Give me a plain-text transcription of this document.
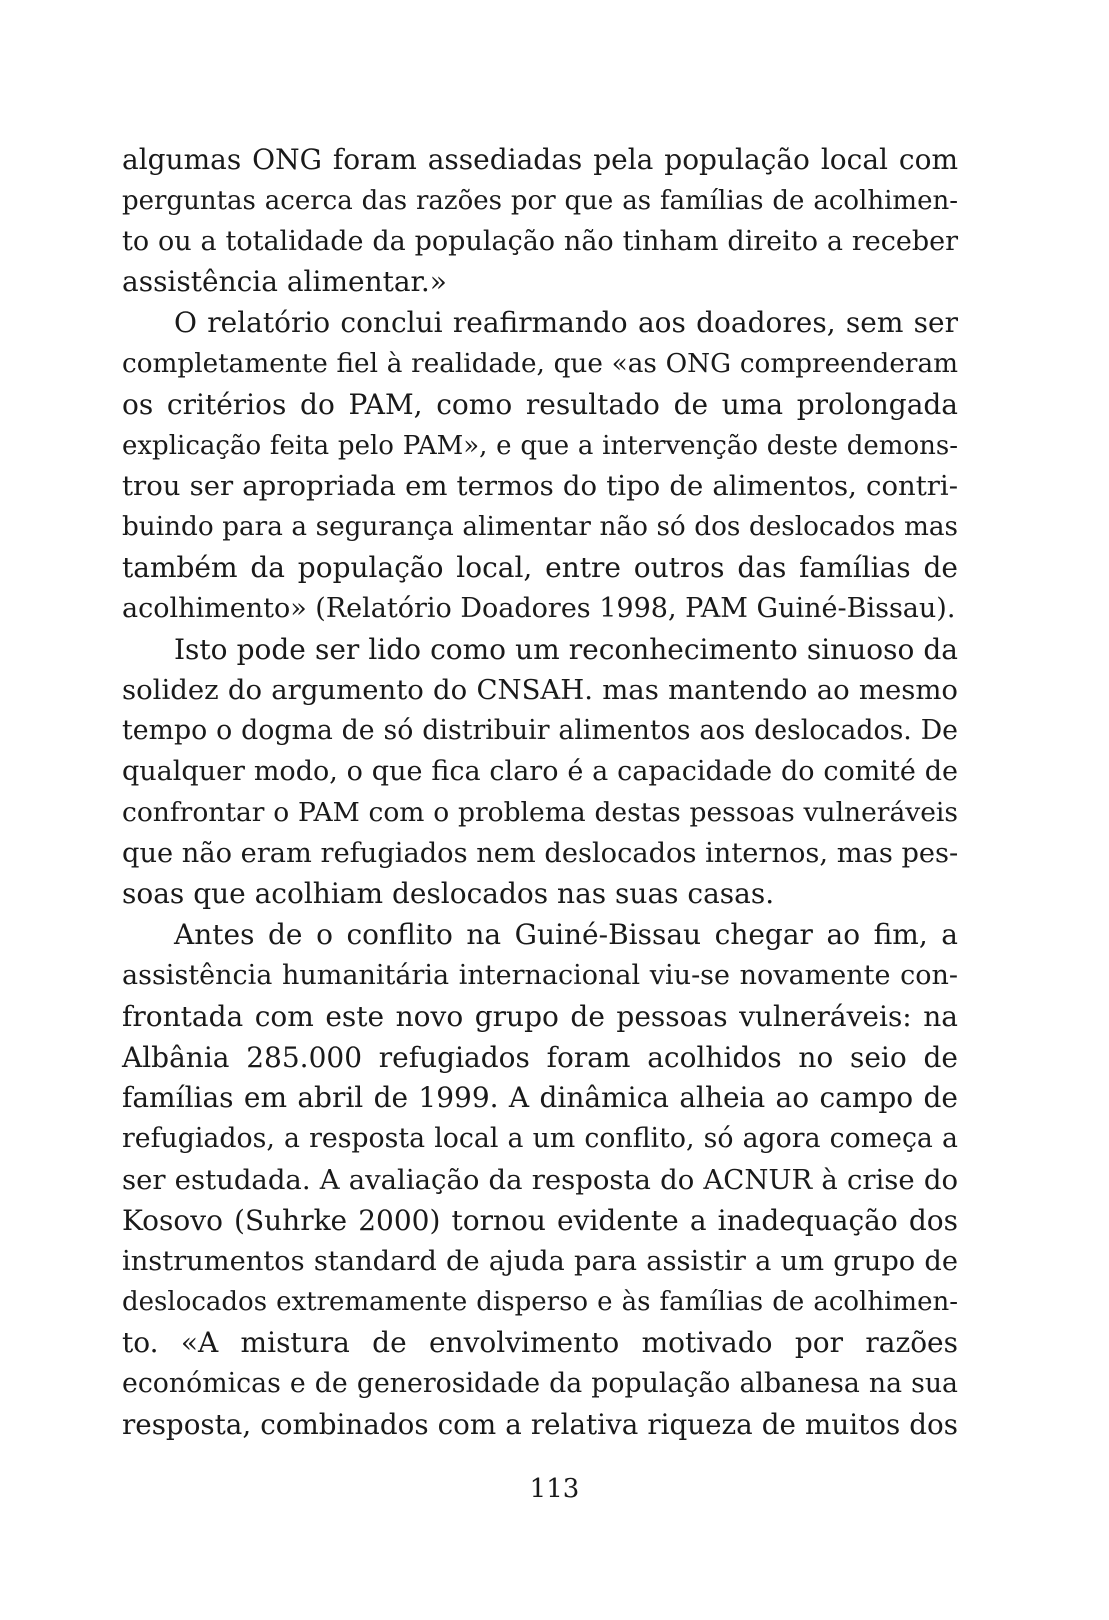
algumas ONG foram assediadas pela população local com
perguntas acerca das razões por que as famílias de acolhimen-
to ou a totalidade da população não tinham direito a receber
assistência alimentar.»
O relatório conclui reafirmando aos doadores, sem ser
completamente fiel à realidade, que «as ONG compreenderam
os critérios do PAM, como resultado de uma prolongada
explicação feita pelo PAM», e que a intervenção deste demons-
trou ser apropriada em termos do tipo de alimentos, contri-
buindo para a segurança alimentar não só dos deslocados mas
também da população local, entre outros das famílias de
acolhimento» (Relatório Doadores 1998, PAM Guiné-Bissau).
Isto pode ser lido como um reconhecimento sinuoso da
solidez do argumento do CNSAH. mas mantendo ao mesmo
tempo o dogma de só distribuir alimentos aos deslocados. De
qualquer modo, o que fica claro é a capacidade do comité de
confrontar o PAM com o problema destas pessoas vulneráveis
que não eram refugiados nem deslocados internos, mas pes-
soas que acolhiam deslocados nas suas casas.
Antes de o conflito na Guiné-Bissau chegar ao fim, a
assistência humanitária internacional viu-se novamente con-
frontada com este novo grupo de pessoas vulneráveis: na
Albânia 285.000 refugiados foram acolhidos no seio de
famílias em abril de 1999. A dinâmica alheia ao campo de
refugiados, a resposta local a um conflito, só agora começa a
ser estudada. A avaliação da resposta do ACNUR à crise do
Kosovo (Suhrke 2000) tornou evidente a inadequação dos
instrumentos standard de ajuda para assistir a um grupo de
deslocados extremamente disperso e às famílias de acolhimen-
to. «A mistura de envolvimento motivado por razões
económicas e de generosidade da população albanesa na sua
resposta, combinados com a relativa riqueza de muitos dos
113
